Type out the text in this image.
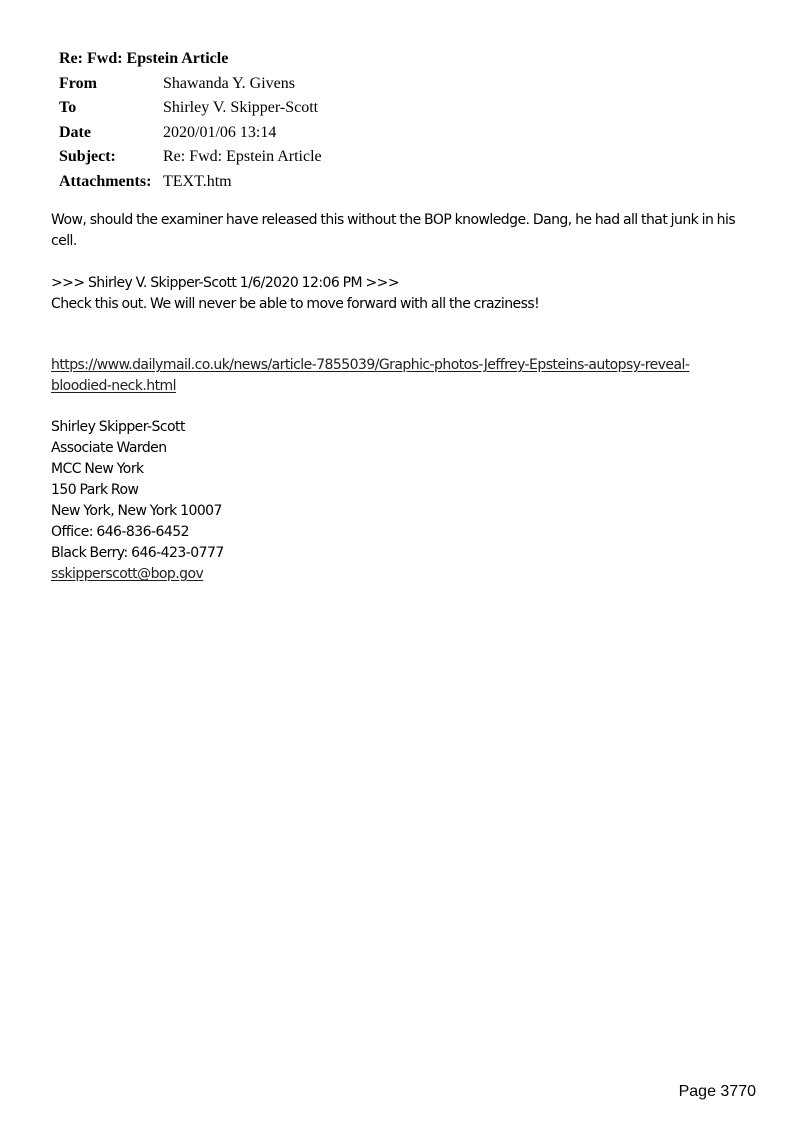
Re: Fwd: Epstein Article
From	Shawanda Y. Givens
To	Shirley V. Skipper-Scott
Date	2020/01/06 13:14
Subject:	Re: Fwd: Epstein Article
Attachments: TEXT.htm
Wow, should the examiner have released this without the BOP knowledge. Dang, he had all that junk in his
cell.
>>> Shirley V. Skipper-Scott 1/6/2020 12:06 PM >>>
Check this out. We will never be able to move forward with all the craziness!
https://www.dailymail.co.uk/news/article-7855039/Graphic-photos-Jeffrey-Epsteins-autopsy-reveal-
bloodied-neck.html
Shirley Skipper-Scott
Associate Warden
MCC New York
150 Park Row
New York, New York 10007
Office: 646-836-6452
Black Berry: 646-423-0777
sskipperscott@bop.gov
Page 3770
